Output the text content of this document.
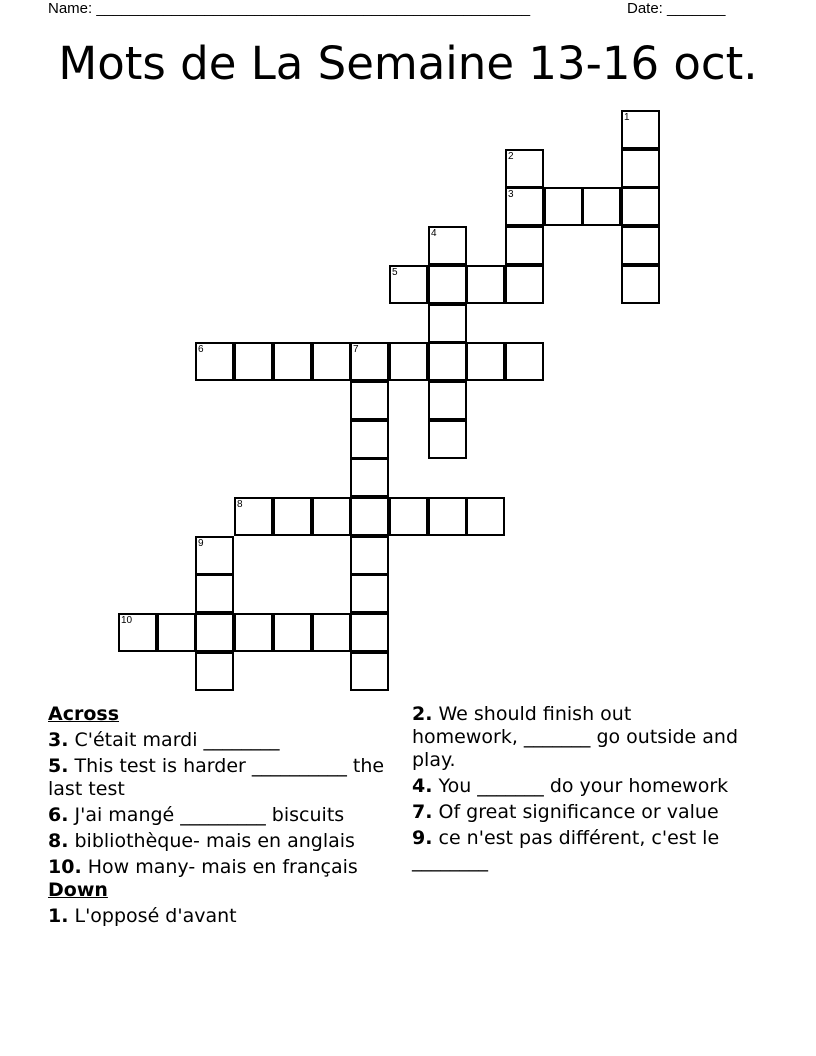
Name: ____________________________________________________	Date: _______
Mots de La Semaine 13-16 oct.
1
2
3
4
5
6	7
8
9
10
Across
3. C'était mardi ________
5. This test is harder __________ the last test
6. J'ai mangé _________ biscuits
8. bibliothèque- mais en anglais
10. How many- mais en français
Down
1. L'opposé d'avant
2. We should finish out homework, _______ go outside and play.
4. You _______ do your homework
7. Of great significance or value
9. ce n'est pas différent, c'est le ________
